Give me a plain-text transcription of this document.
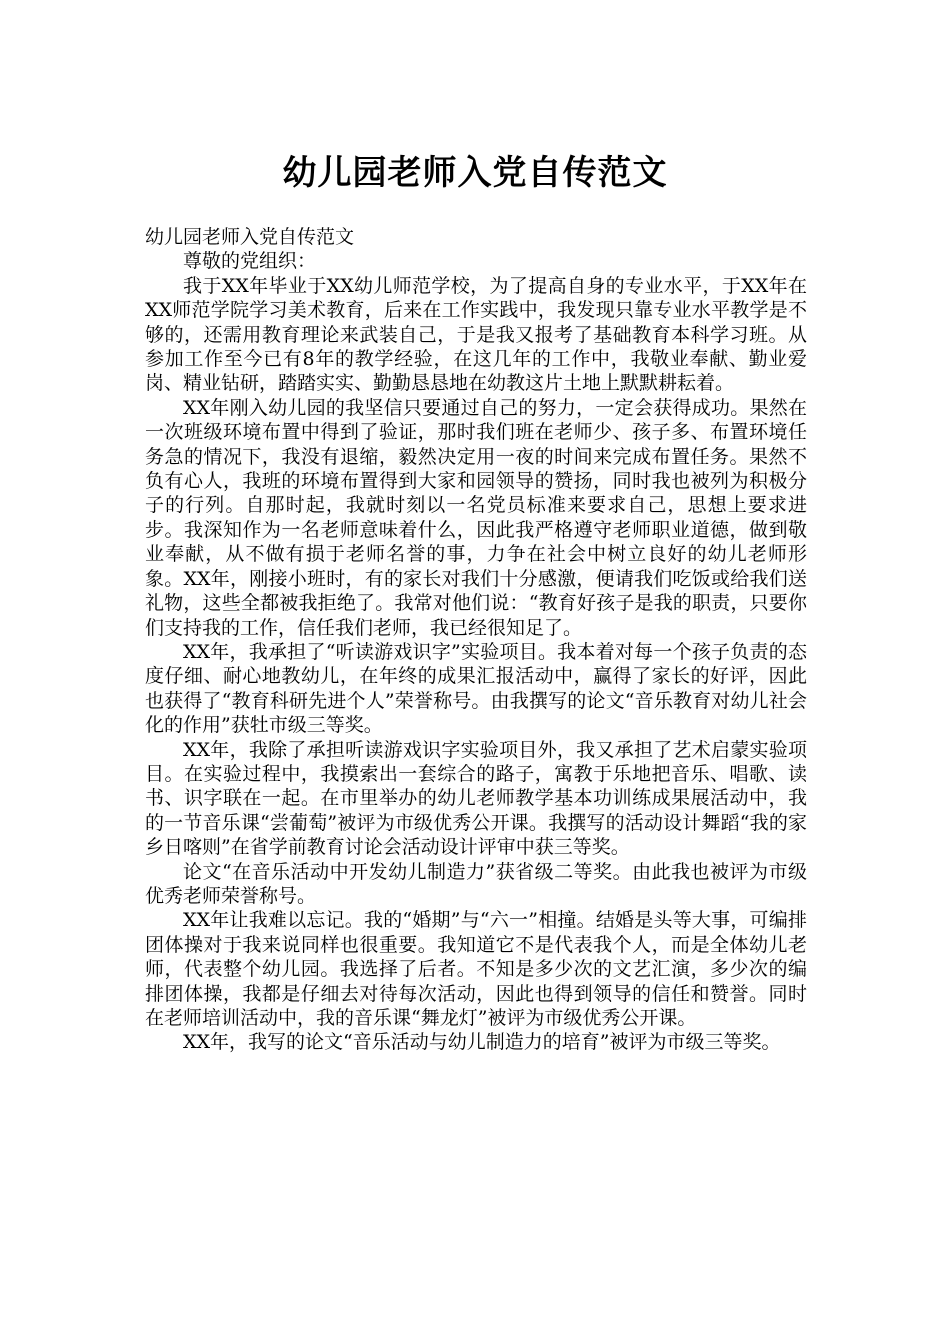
幼儿园老师入党自传范文

幼儿园老师入党自传范文

尊敬的党组织：

我于XX年毕业于XX幼儿师范学校，为了提高自身的专业水平，于XX年在XX师范学院学习美术教育，后来在工作实践中，我发现只靠专业水平教学是不够的，还需用教育理论来武装自己，于是我又报考了基础教育本科学习班。从参加工作至今已有8年的教学经验，在这几年的工作中，我敬业奉献、勤业爱岗、精业钻研，踏踏实实、勤勤恳恳地在幼教这片土地上默默耕耘着。

XX年刚入幼儿园的我坚信只要通过自己的努力，一定会获得成功。果然在一次班级环境布置中得到了验证，那时我们班在老师少、孩子多、布置环境任务急的情况下，我没有退缩，毅然决定用一夜的时间来完成布置任务。果然不负有心人，我班的环境布置得到大家和园领导的赞扬，同时我也被列为积极分子的行列。自那时起，我就时刻以一名党员标准来要求自己，思想上要求进步。我深知作为一名老师意味着什么，因此我严格遵守老师职业道德，做到敬业奉献，从不做有损于老师名誉的事，力争在社会中树立良好的幼儿老师形象。XX年，刚接小班时，有的家长对我们十分感激，便请我们吃饭或给我们送礼物，这些全都被我拒绝了。我常对他们说：“教育好孩子是我的职责，只要你们支持我的工作，信任我们老师，我已经很知足了。

XX年，我承担了“听读游戏识字”实验项目。我本着对每一个孩子负责的态度仔细、耐心地教幼儿，在年终的成果汇报活动中，赢得了家长的好评，因此也获得了“教育科研先进个人”荣誉称号。由我撰写的论文“音乐教育对幼儿社会化的作用”获牡市级三等奖。

XX年，我除了承担听读游戏识字实验项目外，我又承担了艺术启蒙实验项目。在实验过程中，我摸索出一套综合的路子，寓教于乐地把音乐、唱歌、读书、识字联在一起。在市里举办的幼儿老师教学基本功训练成果展活动中，我的一节音乐课“尝葡萄”被评为市级优秀公开课。我撰写的活动设计舞蹈“我的家乡日喀则”在省学前教育讨论会活动设计评审中获三等奖。

论文“在音乐活动中开发幼儿制造力”获省级二等奖。由此我也被评为市级优秀老师荣誉称号。

XX年让我难以忘记。我的“婚期”与“六一”相撞。结婚是头等大事，可编排团体操对于我来说同样也很重要。我知道它不是代表我个人，而是全体幼儿老师，代表整个幼儿园。我选择了后者。不知是多少次的文艺汇演，多少次的编排团体操，我都是仔细去对待每次活动，因此也得到领导的信任和赞誉。同时在老师培训活动中，我的音乐课“舞龙灯”被评为市级优秀公开课。

XX年，我写的论文“音乐活动与幼儿制造力的培育”被评为市级三等奖。
